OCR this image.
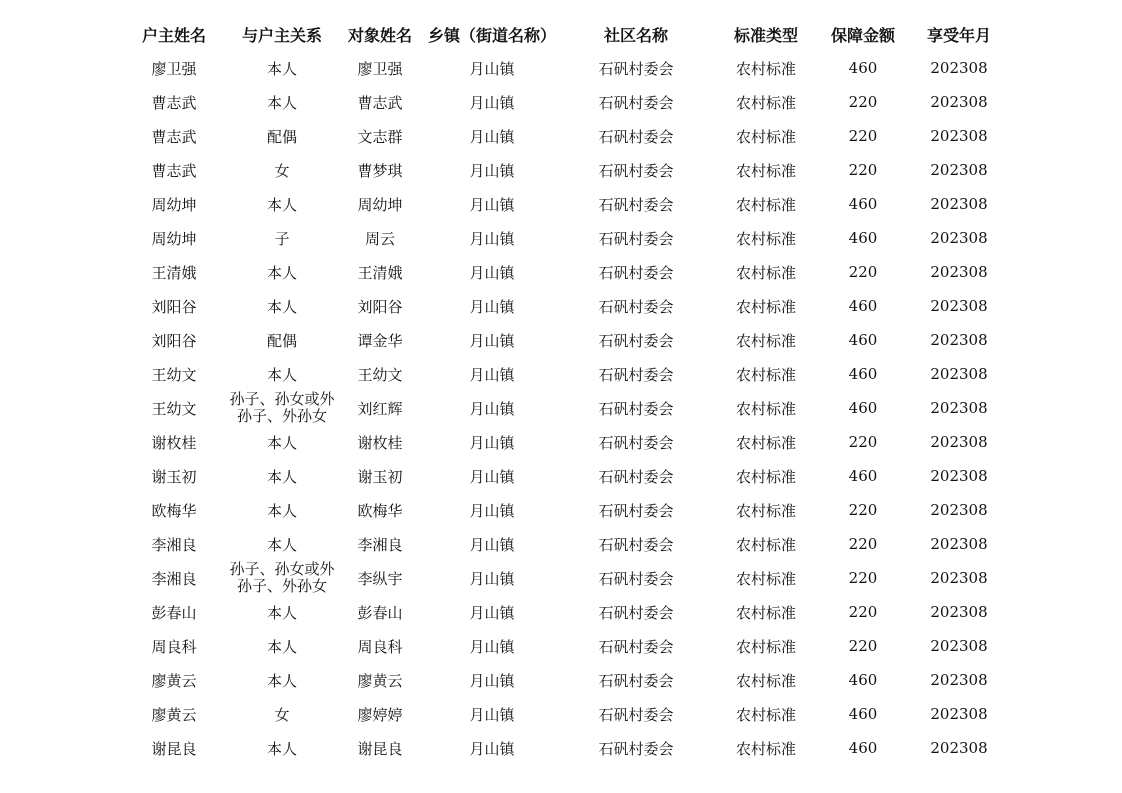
户主姓名	与户主关系	对象姓名	乡镇（街道名称）	社区名称	标准类型	保障金额	享受年月
廖卫强	本人	廖卫强	月山镇	石矾村委会	农村标准	460	202308
曹志武	本人	曹志武	月山镇	石矾村委会	农村标准	220	202308
曹志武	配偶	文志群	月山镇	石矾村委会	农村标准	220	202308
曹志武	女	曹梦琪	月山镇	石矾村委会	农村标准	220	202308
周幼坤	本人	周幼坤	月山镇	石矾村委会	农村标准	460	202308
周幼坤	子	周云	月山镇	石矾村委会	农村标准	460	202308
王清娥	本人	王清娥	月山镇	石矾村委会	农村标准	220	202308
刘阳谷	本人	刘阳谷	月山镇	石矾村委会	农村标准	460	202308
刘阳谷	配偶	谭金华	月山镇	石矾村委会	农村标准	460	202308
王幼文	本人	王幼文	月山镇	石矾村委会	农村标准	460	202308
王幼文	孙子、孙女或外孙子、外孙女	刘红辉	月山镇	石矾村委会	农村标准	460	202308
谢枚桂	本人	谢枚桂	月山镇	石矾村委会	农村标准	220	202308
谢玉初	本人	谢玉初	月山镇	石矾村委会	农村标准	460	202308
欧梅华	本人	欧梅华	月山镇	石矾村委会	农村标准	220	202308
李湘良	本人	李湘良	月山镇	石矾村委会	农村标准	220	202308
李湘良	孙子、孙女或外孙子、外孙女	李纵宇	月山镇	石矾村委会	农村标准	220	202308
彭春山	本人	彭春山	月山镇	石矾村委会	农村标准	220	202308
周良科	本人	周良科	月山镇	石矾村委会	农村标准	220	202308
廖黄云	本人	廖黄云	月山镇	石矾村委会	农村标准	460	202308
廖黄云	女	廖婷婷	月山镇	石矾村委会	农村标准	460	202308
谢昆良	本人	谢昆良	月山镇	石矾村委会	农村标准	460	202308
